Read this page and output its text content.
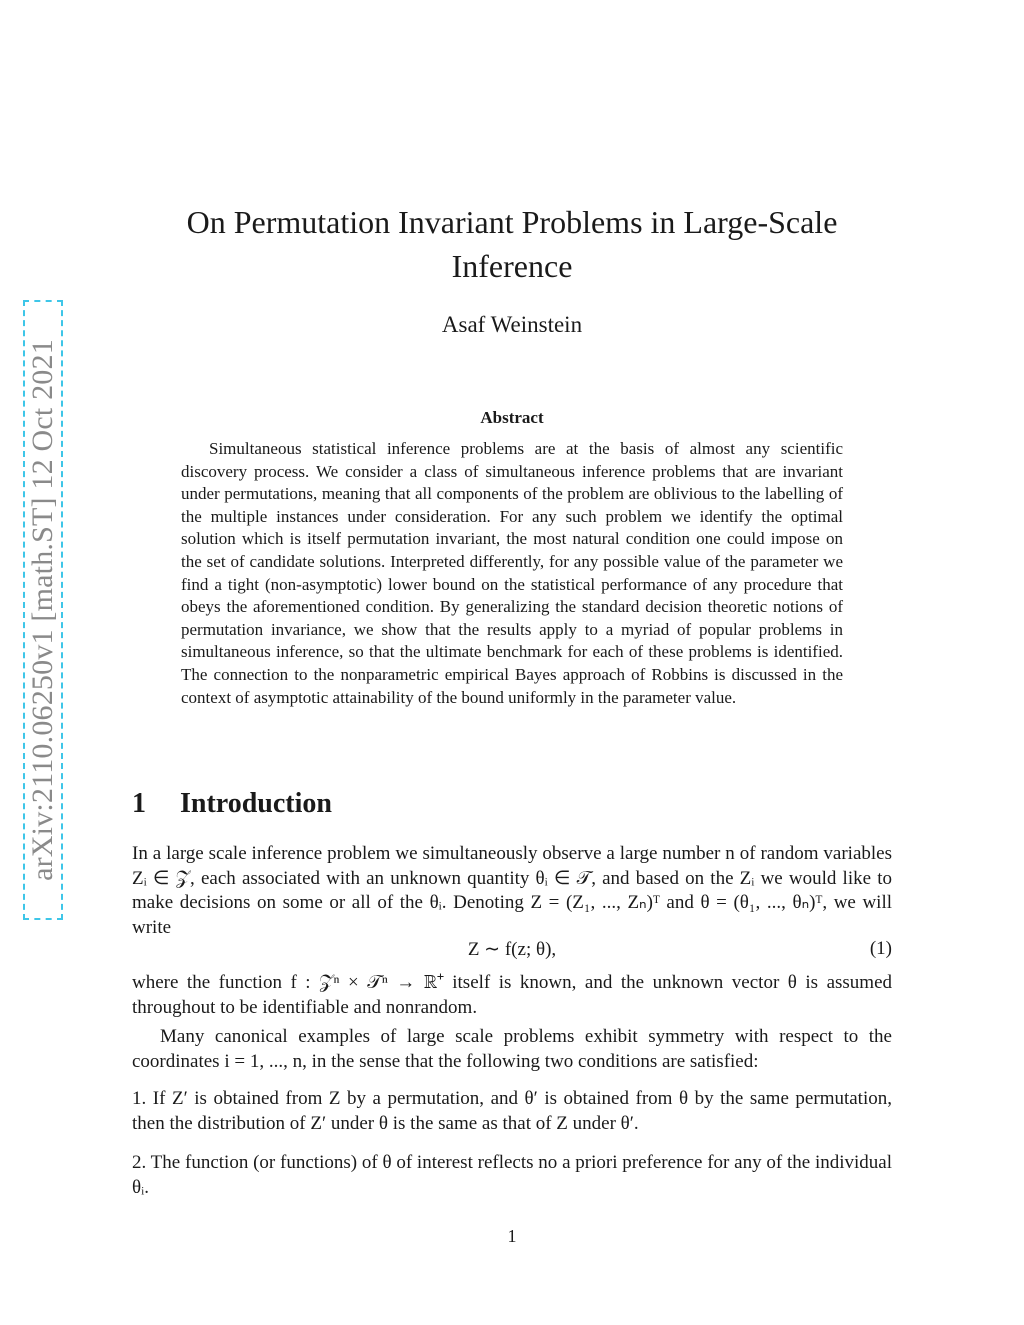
arXiv:2110.06250v1 [math.ST] 12 Oct 2021
On Permutation Invariant Problems in Large-Scale Inference
Asaf Weinstein
Abstract

Simultaneous statistical inference problems are at the basis of almost any scientific discovery process. We consider a class of simultaneous inference problems that are invariant under permutations, meaning that all components of the problem are oblivious to the labelling of the multiple instances under consideration. For any such problem we identify the optimal solution which is itself permutation invariant, the most natural condition one could impose on the set of candidate solutions. Interpreted differently, for any possible value of the parameter we find a tight (non-asymptotic) lower bound on the statistical performance of any procedure that obeys the aforementioned condition. By generalizing the standard decision theoretic notions of permutation invariance, we show that the results apply to a myriad of popular problems in simultaneous inference, so that the ultimate benchmark for each of these problems is identified. The connection to the nonparametric empirical Bayes approach of Robbins is discussed in the context of asymptotic attainability of the bound uniformly in the parameter value.

1 Introduction

In a large scale inference problem we simultaneously observe a large number n of random variables Zᵢ ∈ 𝒵, each associated with an unknown quantity θᵢ ∈ 𝒯, and based on the Zᵢ we would like to make decisions on some or all of the θᵢ. Denoting Z = (Z₁, ..., Zₙ)ᵀ and θ = (θ₁, ..., θₙ)ᵀ, we will write

Z ∼ f(z; θ),	(1)

where the function f : 𝒵ⁿ × 𝒯ⁿ → ℝ⁺ itself is known, and the unknown vector θ is assumed throughout to be identifiable and nonrandom.

Many canonical examples of large scale problems exhibit symmetry with respect to the coordinates i = 1, ..., n, in the sense that the following two conditions are satisfied:

1. If Z′ is obtained from Z by a permutation, and θ′ is obtained from θ by the same permutation, then the distribution of Z′ under θ is the same as that of Z under θ′.

2. The function (or functions) of θ of interest reflects no a priori preference for any of the individual θᵢ.

1
